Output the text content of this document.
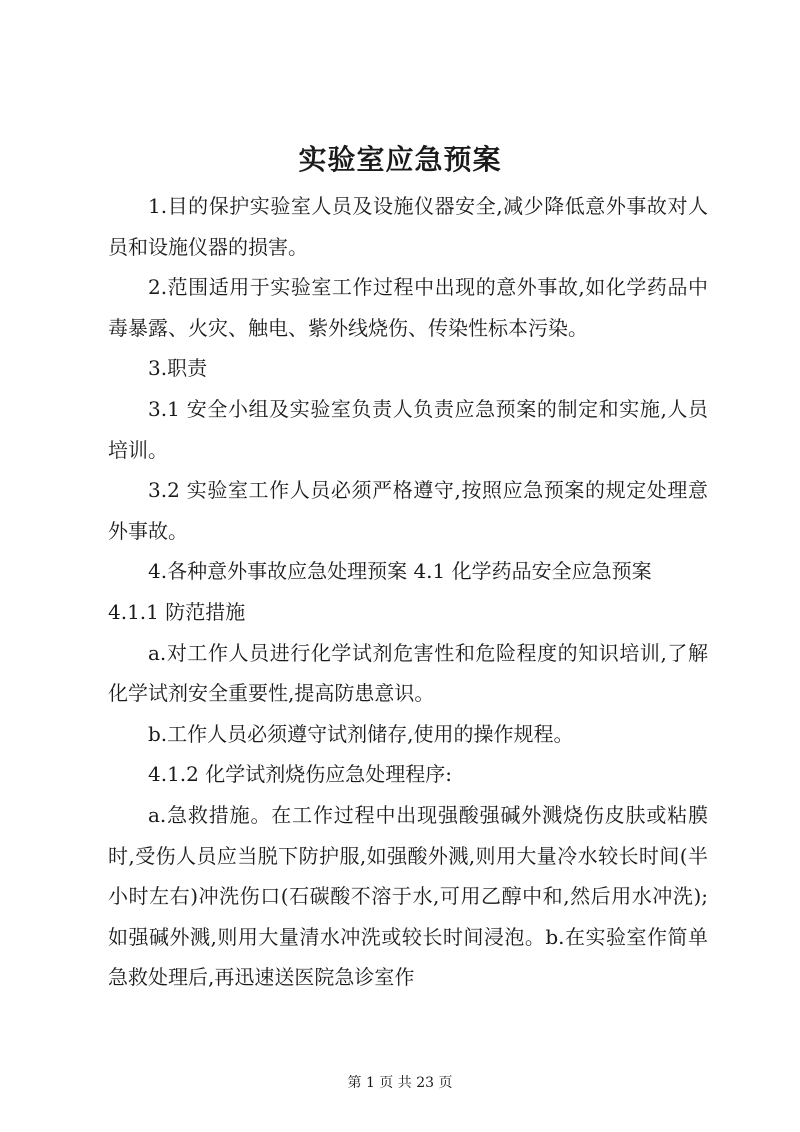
实验室应急预案

1.目的保护实验室人员及设施仪器安全,减少降低意外事故对人员和设施仪器的损害。

2.范围适用于实验室工作过程中出现的意外事故,如化学药品中毒暴露、火灾、触电、紫外线烧伤、传染性标本污染。

3.职责

3.1 安全小组及实验室负责人负责应急预案的制定和实施,人员培训。

3.2 实验室工作人员必须严格遵守,按照应急预案的规定处理意外事故。

4.各种意外事故应急处理预案 4.1 化学药品安全应急预案

4.1.1 防范措施

a.对工作人员进行化学试剂危害性和危险程度的知识培训,了解化学试剂安全重要性,提高防患意识。

b.工作人员必须遵守试剂储存,使用的操作规程。

4.1.2 化学试剂烧伤应急处理程序:

a.急救措施。在工作过程中出现强酸强碱外溅烧伤皮肤或粘膜时,受伤人员应当脱下防护服,如强酸外溅,则用大量冷水较长时间(半小时左右)冲洗伤口(石碳酸不溶于水,可用乙醇中和,然后用水冲洗);如强碱外溅,则用大量清水冲洗或较长时间浸泡。b.在实验室作简单急救处理后,再迅速送医院急诊室作

第 1 页 共 23 页
